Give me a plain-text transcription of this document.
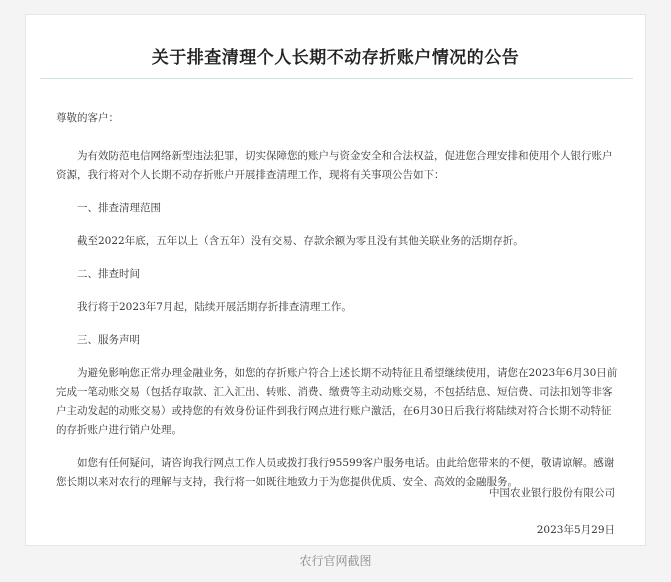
关于排查清理个人长期不动存折账户情况的公告

尊敬的客户：

为有效防范电信网络新型违法犯罪，切实保障您的账户与资金安全和合法权益，促进您合理安排和使用个人银行账户资源，我行将对个人长期不动存折账户开展排查清理工作，现将有关事项公告如下：

一、排查清理范围

截至2022年底，五年以上（含五年）没有交易、存款余额为零且没有其他关联业务的活期存折。

二、排查时间

我行将于2023年7月起，陆续开展活期存折排查清理工作。

三、服务声明

为避免影响您正常办理金融业务，如您的存折账户符合上述长期不动特征且希望继续使用，请您在2023年6月30日前完成一笔动账交易（包括存取款、汇入汇出、转账、消费、缴费等主动动账交易，不包括结息、短信费、司法扣划等非客户主动发起的动账交易）或持您的有效身份证件到我行网点进行账户激活，在6月30日后我行将陆续对符合长期不动特征的存折账户进行销户处理。

如您有任何疑问，请咨询我行网点工作人员或拨打我行95599客户服务电话。由此给您带来的不便，敬请谅解。感谢您长期以来对农行的理解与支持，我行将一如既往地致力于为您提供优质、安全、高效的金融服务。

中国农业银行股份有限公司
2023年5月29日
农行官网截图
